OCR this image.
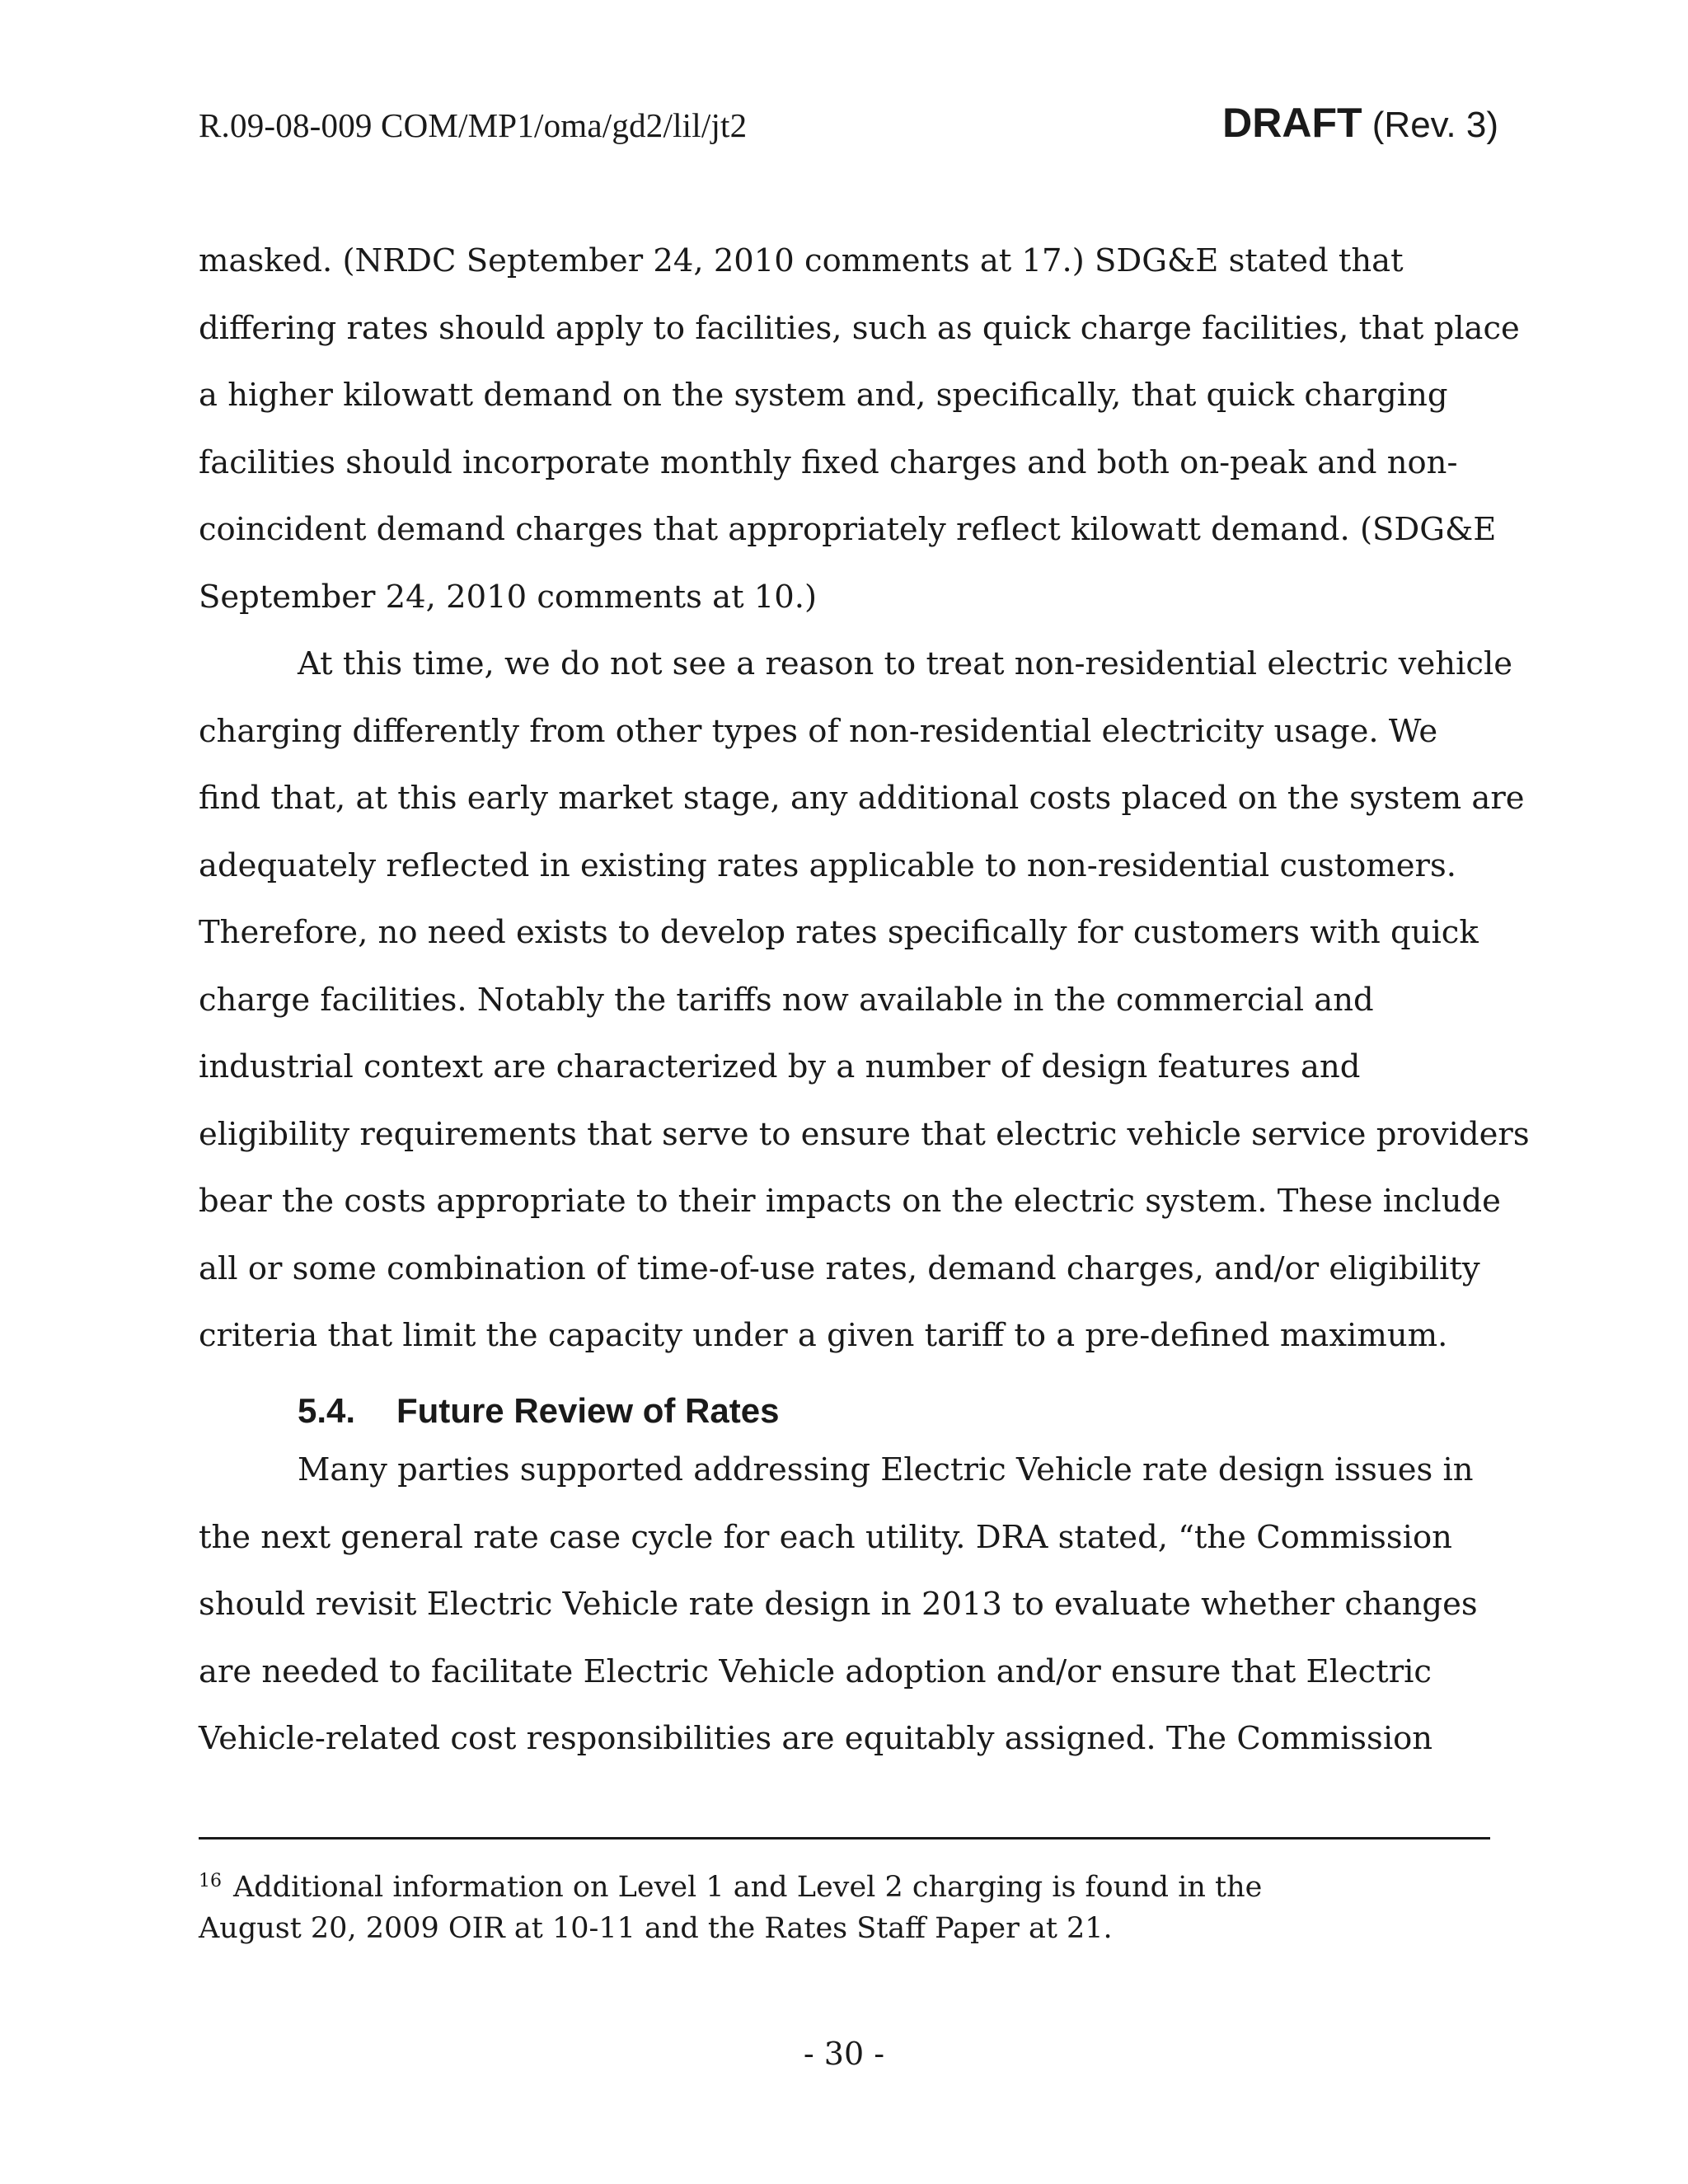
R.09-08-009 COM/MP1/oma/gd2/lil/jt2	DRAFT (Rev. 3)
masked. (NRDC September 24, 2010 comments at 17.) SDG&E stated that
differing rates should apply to facilities, such as quick charge facilities, that place
a higher kilowatt demand on the system and, specifically, that quick charging
facilities should incorporate monthly fixed charges and both on-peak and non-
coincident demand charges that appropriately reflect kilowatt demand. (SDG&E
September 24, 2010 comments at 10.)
At this time, we do not see a reason to treat non-residential electric vehicle
charging differently from other types of non-residential electricity usage. We
find that, at this early market stage, any additional costs placed on the system are
adequately reflected in existing rates applicable to non-residential customers.
Therefore, no need exists to develop rates specifically for customers with quick
charge facilities. Notably the tariffs now available in the commercial and
industrial context are characterized by a number of design features and
eligibility requirements that serve to ensure that electric vehicle service providers
bear the costs appropriate to their impacts on the electric system. These include
all or some combination of time-of-use rates, demand charges, and/or eligibility
criteria that limit the capacity under a given tariff to a pre-defined maximum.
5.4. Future Review of Rates
Many parties supported addressing Electric Vehicle rate design issues in
the next general rate case cycle for each utility. DRA stated, “the Commission
should revisit Electric Vehicle rate design in 2013 to evaluate whether changes
are needed to facilitate Electric Vehicle adoption and/or ensure that Electric
Vehicle-related cost responsibilities are equitably assigned. The Commission
$^{16}$ Additional information on Level 1 and Level 2 charging is found in the
August 20, 2009 OIR at 10-11 and the Rates Staff Paper at 21.
- 30 -
